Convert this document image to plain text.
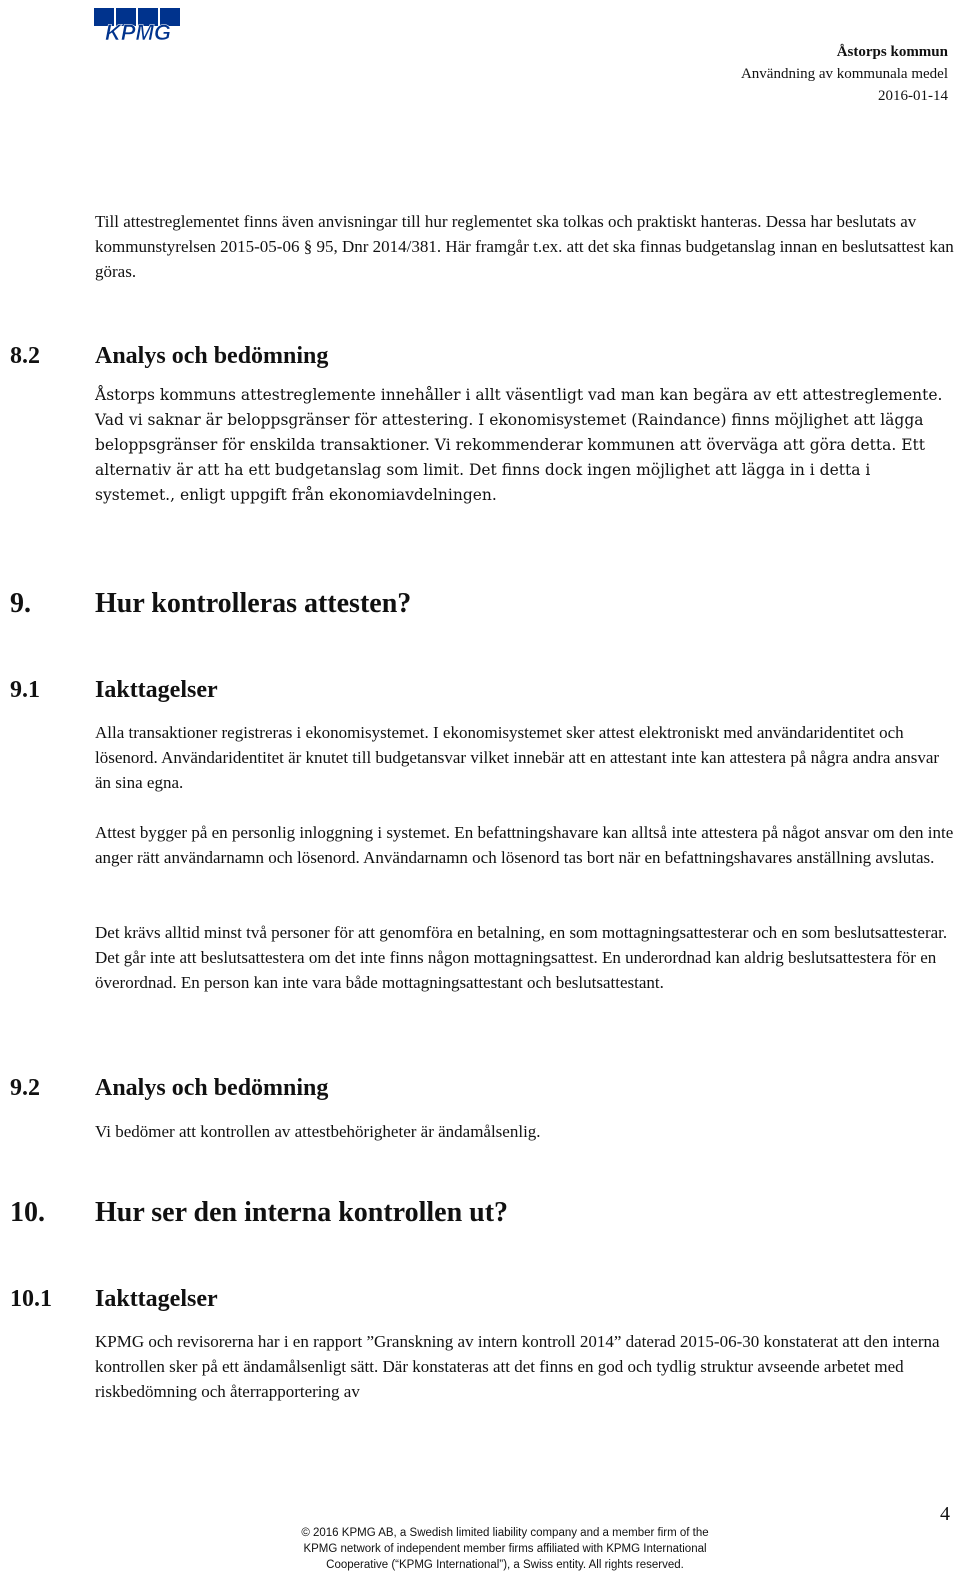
KPMG
Åstorps kommun
Användning av kommunala medel
2016-01-14

Till attestreglementet finns även anvisningar till hur reglementet ska tolkas och praktiskt hanteras. Dessa har beslutats av kommunstyrelsen 2015-05-06 § 95, Dnr 2014/381. Här framgår t.ex. att det ska finnas budgetanslag innan en beslutsattest kan göras.

8.2 Analys och bedömning

Åstorps kommuns attestreglemente innehåller i allt väsentligt vad man kan begära av ett attestreglemente. Vad vi saknar är beloppsgränser för attestering. I ekonomisystemet (Raindance) finns möjlighet att lägga beloppsgränser för enskilda transaktioner. Vi rekommenderar kommunen att överväga att göra detta. Ett alternativ är att ha ett budgetanslag som limit. Det finns dock ingen möjlighet att lägga in i detta i systemet., enligt uppgift från ekonomiavdelningen.

9. Hur kontrolleras attesten?
9.1 Iakttagelser

Alla transaktioner registreras i ekonomisystemet. I ekonomisystemet sker attest elektroniskt med användaridentitet och lösenord. Användaridentitet är knutet till budgetansvar vilket innebär att en attestant inte kan attestera på några andra ansvar än sina egna.

Attest bygger på en personlig inloggning i systemet. En befattningshavare kan alltså inte attestera på något ansvar om den inte anger rätt användarnamn och lösenord. Användarnamn och lösenord tas bort när en befattningshavares anställning avslutas.

Det krävs alltid minst två personer för att genomföra en betalning, en som mottagningsattesterar och en som beslutsattesterar. Det går inte att beslutsattestera om det inte finns någon mottagningsattest. En underordnad kan aldrig beslutsattestera för en överordnad. En person kan inte vara både mottagningsattestant och beslutsattestant.

9.2 Analys och bedömning

Vi bedömer att kontrollen av attestbehörigheter är ändamålsenlig.

10. Hur ser den interna kontrollen ut?
10.1 Iakttagelser

KPMG och revisorerna har i en rapport ”Granskning av intern kontroll 2014” daterad 2015-06-30 konstaterat att den interna kontrollen sker på ett ändamålsenligt sätt. Där konstateras att det finns en god och tydlig struktur avseende arbetet med riskbedömning och återrapportering av

© 2016 KPMG AB, a Swedish limited liability company and a member firm of the
KPMG network of independent member firms affiliated with KPMG International
Cooperative (“KPMG International”), a Swiss entity. All rights reserved.
4
